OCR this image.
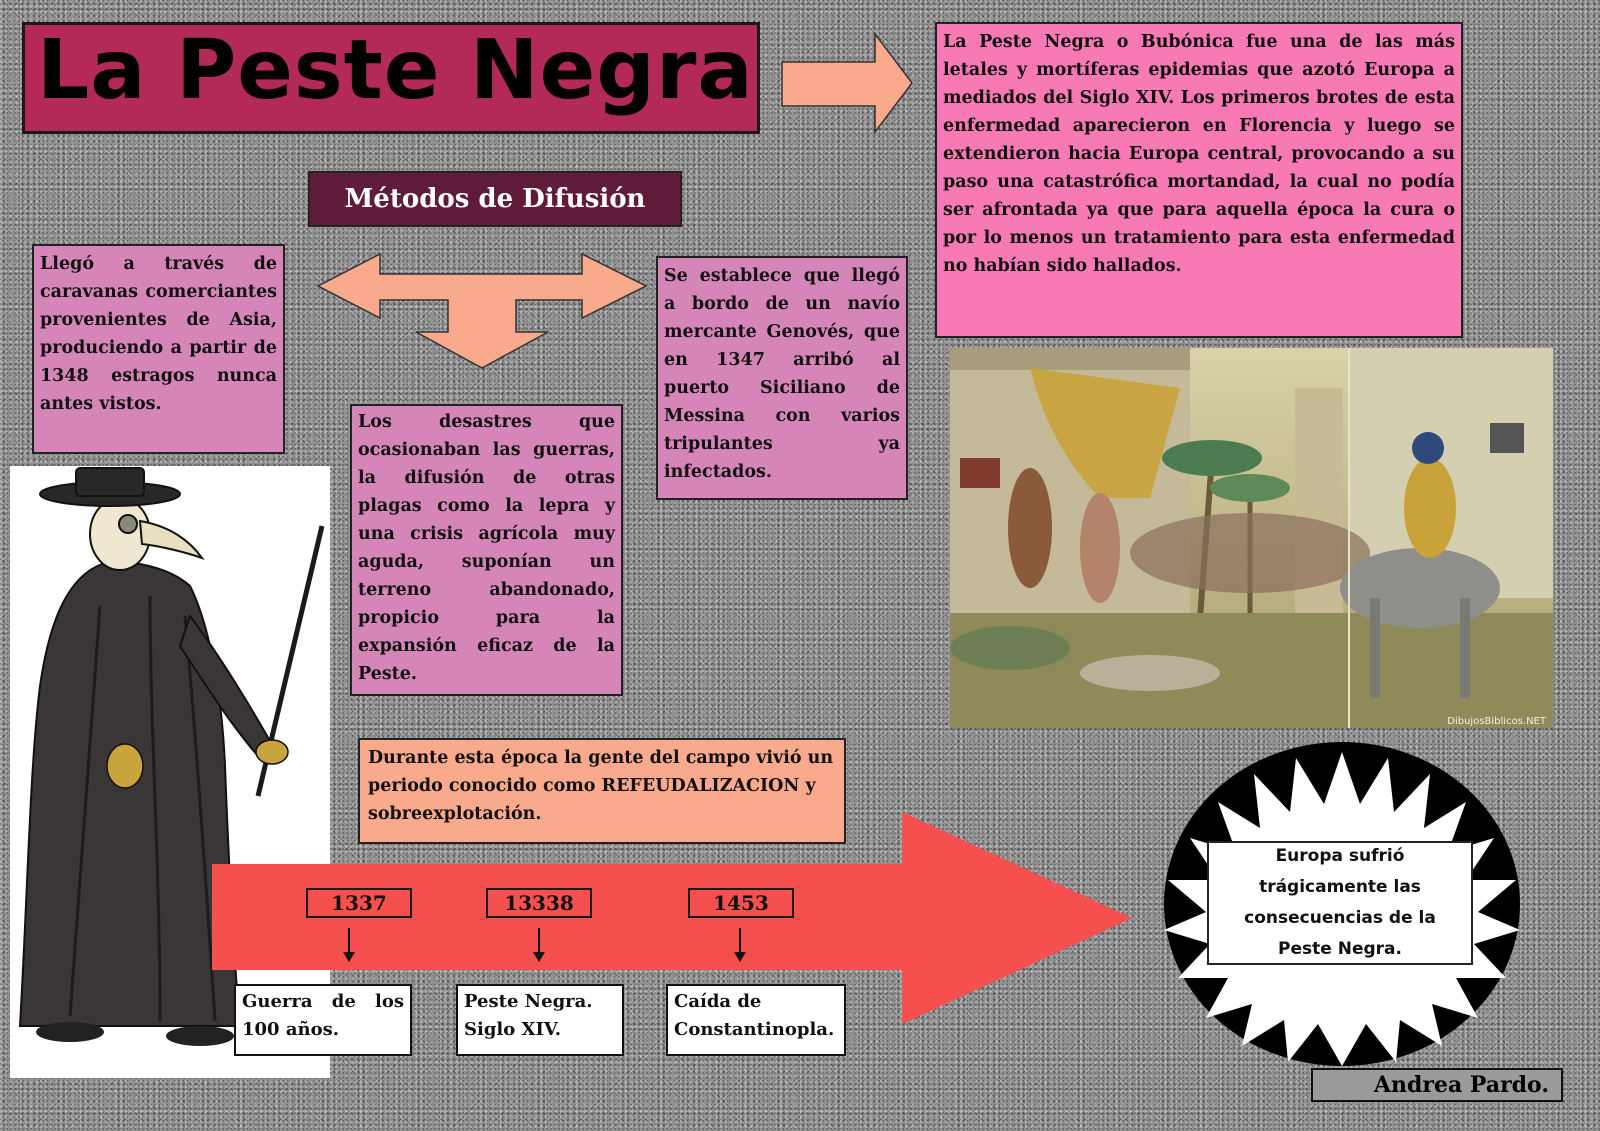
La Peste Negra	La Peste Negra o Bubónica fue una de las más letales y mortíferas epidemias que azotó Europa a mediados del Siglo XIV. Los primeros brotes de esta enfermedad aparecieron en Florencia y luego se extendieron hacia Europa central, provocando a su paso una catastrófica mortandad, la cual no podía ser afrontada ya que para aquella época la cura o por lo menos un tratamiento para esta enfermedad no habían sido hallados.
Métodos de Difusión
Llegó a través de caravanas comerciantes provenientes de Asia, produciendo a partir de 1348 estragos nunca antes vistos.
Los desastres que ocasionaban las guerras, la difusión de otras plagas como la lepra y una crisis agrícola muy aguda, suponían un terreno abandonado, propicio para la expansión eficaz de la Peste.
Se establece que llegó a bordo de un navío mercante Genovés, que en 1347 arribó al puerto Siciliano de Messina con varios tripulantes ya infectados.
DibujosBiblicos.NET
Durante esta época la gente del campo vivió un periodo conocido como REFEUDALIZACION y sobreexplotación.
1337	13338	1453
Guerra de los 100 años.
Peste Negra. Siglo XIV.
Caída de Constantinopla.
Europa sufrió trágicamente las consecuencias de la Peste Negra.
Andrea Pardo.
